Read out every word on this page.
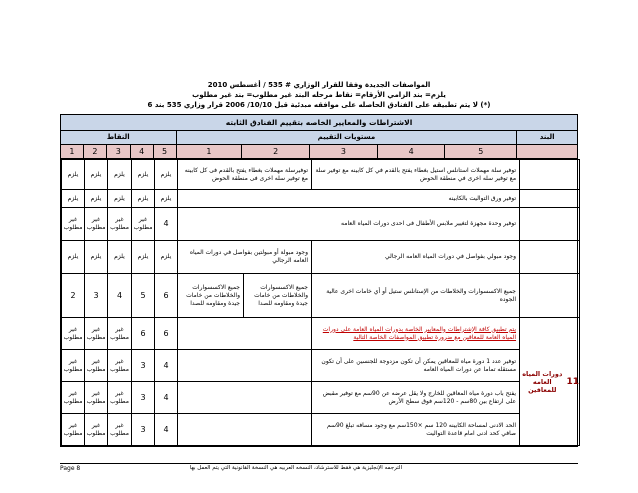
المواصفات الجديدة وفقا للقرار الوزاري # 535 / أغسطس 2010
يلزم= بند الزامي الأرقام= نقاط مرحله البند غير مطلوب= بند غير مطلوب
(*) لا يتم تطبيقه على الفنادق الحاصله على موافقه مبدئية قبل 10/10/ 2006 قرار وزاري 535 بند 6
الاشتراطات والمعايير الخاصه بتقييم الفنادق الثابته
النقاط	مستويات التقييم	البند
1	2	3	4	5	1	2	3	4	5
يلزم	يلزم	يلزم	يلزم	يلزم	توفيرسلة مهملات بغطاء يفتح بالقدم فى كل كابينه مع توفير سله اخرى فى منطقة الحوض		توفير سلة مهملات استانلس استيل بغطاء يفتح بالقدم في كل كابينه مع توفير سلة مع توفير سله اخرى في منطقة الحوض	
يلزم	يلزم	يلزم	يلزم	يلزم	توفير ورق التواليت بالكابينه			
غير مطلوب	غير مطلوب	غير مطلوب	غير مطلوب	4	توفير وحدة مجهزة لتغيير ملابس الأطفال فى احدى دورات المياه العامه			
يلزم	يلزم	يلزم	يلزم	يلزم	وجود مبولة أو مبولتين بفواصل في دورات المياه العامه الرجالي		وجود مبولي بفواصل في دورات المياه العامه الرجالي	
2	3	4	5	6	جميع الاكسسوارات والخلاطات من خامات جيدة ومقاومه للصدا	جميع الاكسسوارات والخلاطات من خامات جيدة ومقاومه للصدا	جميع الاكسسوارات والخلاطات من الإستانلس ستيل أو أي خامات اخرى عالية الجوده	
غير مطلوب	غير مطلوب	غير مطلوب	6	6			يتم تطبيق كافة الإشتراطات والمعايير الخاصة بدورات المياه العامة على دورات المياه العامة للمعاقين مع ضرورة تطبيق المواصفات الخاصة التالية	11
دورات المياه العامه للمعاقين

غير مطلوب	غير مطلوب	غير مطلوب	3	4			توفير عدد 1 دورة مياه للمعاقين يمكن أن تكون مزدوجة للجنسين على أن تكون مستقله تماما عن دورات المياه العامه	
غير مطلوب	غير مطلوب	غير مطلوب	3	4			يفتح باب دورة مياه المعاقين للخارج ولا يقل عرضه عن 90سم مع توفير مقبض على ارتفاع بين 80سم - 120سم فوق سطح الأرض	
غير مطلوب	غير مطلوب	غير مطلوب	3	4			الحد الادنى لمساحة الكابينه 120 سم ×150سم مع وجود مسافه تبلغ 90سم صافي كحد ادنى امام قاعدة التواليت	
Page 8	الترجمه الإنجليزية هي فقط للاسترشاد، النسخه العربيه هي النسخة القانونية التي يتم العمل بها
